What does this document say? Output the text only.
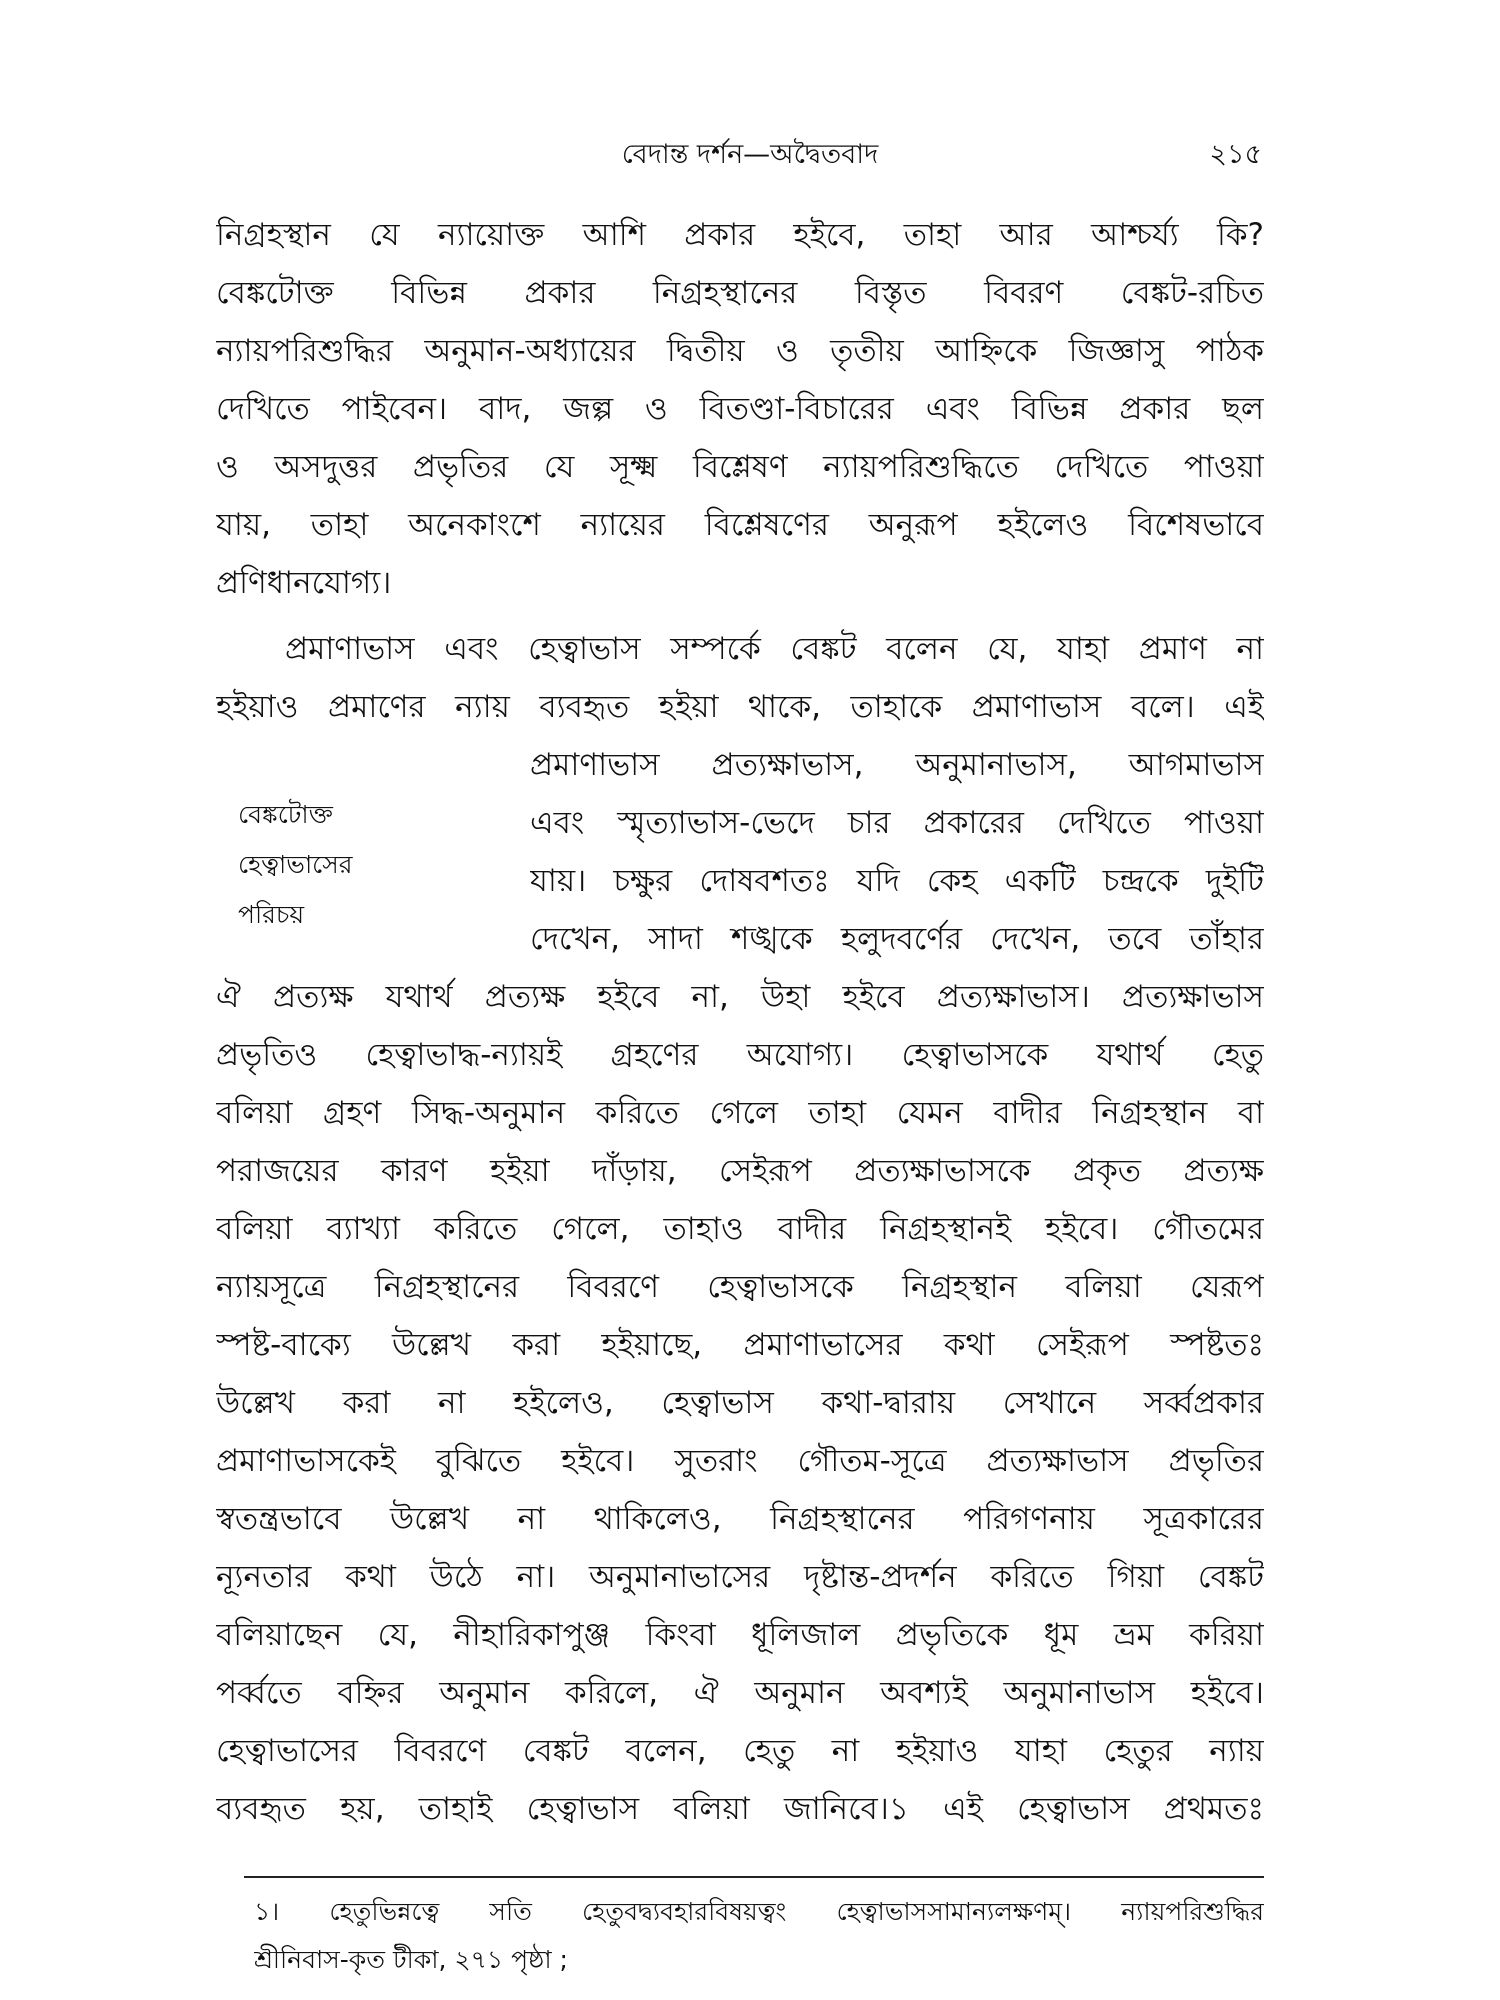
বেদান্ত দর্শন—অদ্বৈতবাদ	২১৫
নিগ্রহস্থান যে ন্যায়োক্ত আশি প্রকার হইবে, তাহা আর আশ্চর্য্য কি?
বেঙ্কটোক্ত বিভিন্ন প্রকার নিগ্রহস্থানের বিস্তৃত বিবরণ বেঙ্কট-রচিত
ন্যায়পরিশুদ্ধির অনুমান-অধ্যায়ের দ্বিতীয় ও তৃতীয় আহ্নিকে জিজ্ঞাসু পাঠক
দেখিতে পাইবেন। বাদ, জল্প ও বিতণ্ডা-বিচারের এবং বিভিন্ন প্রকার ছল
ও অসদুত্তর প্রভৃতির যে সূক্ষ্ম বিশ্লেষণ ন্যায়পরিশুদ্ধিতে দেখিতে পাওয়া
যায়, তাহা অনেকাংশে ন্যায়ের বিশ্লেষণের অনুরূপ হইলেও বিশেষভাবে
প্রণিধানযোগ্য।
প্রমাণাভাস এবং হেত্বাভাস সম্পর্কে বেঙ্কট বলেন যে, যাহা প্রমাণ না
হইয়াও প্রমাণের ন্যায় ব্যবহৃত হইয়া থাকে, তাহাকে প্রমাণাভাস বলে। এই
প্রমাণাভাস প্রত্যক্ষাভাস, অনুমানাভাস, আগমাভাস
এবং স্মৃত্যাভাস-ভেদে চার প্রকারের দেখিতে পাওয়া
যায়। চক্ষুর দোষবশতঃ যদি কেহ একটি চন্দ্রকে দুইটি
দেখেন, সাদা শঙ্খকে হলুদবর্ণের দেখেন, তবে তাঁহার
ঐ প্রত্যক্ষ যথার্থ প্রত্যক্ষ হইবে না, উহা হইবে প্রত্যক্ষাভাস। প্রত্যক্ষাভাস
প্রভৃতিও হেত্বাভাদ্ধ-ন্যায়ই গ্রহণের অযোগ্য। হেত্বাভাসকে যথার্থ হেতু
বলিয়া গ্রহণ সিদ্ধ-অনুমান করিতে গেলে তাহা যেমন বাদীর নিগ্রহস্থান বা
পরাজয়ের কারণ হইয়া দাঁড়ায়, সেইরূপ প্রত্যক্ষাভাসকে প্রকৃত প্রত্যক্ষ
বলিয়া ব্যাখ্যা করিতে গেলে, তাহাও বাদীর নিগ্রহস্থানই হইবে। গৌতমের
ন্যায়সূত্রে নিগ্রহস্থানের বিবরণে হেত্বাভাসকে নিগ্রহস্থান বলিয়া যেরূপ
স্পষ্ট-বাক্যে উল্লেখ করা হইয়াছে, প্রমাণাভাসের কথা সেইরূপ স্পষ্টতঃ
উল্লেখ করা না হইলেও, হেত্বাভাস কথা-দ্বারায় সেখানে সর্ব্বপ্রকার
প্রমাণাভাসকেই বুঝিতে হইবে। সুতরাং গৌতম-সূত্রে প্রত্যক্ষাভাস প্রভৃতির
স্বতন্ত্রভাবে উল্লেখ না থাকিলেও, নিগ্রহস্থানের পরিগণনায় সূত্রকারের
ন্যূনতার কথা উঠে না। অনুমানাভাসের দৃষ্টান্ত-প্রদর্শন করিতে গিয়া বেঙ্কট
বলিয়াছেন যে, নীহারিকাপুঞ্জ কিংবা ধূলিজাল প্রভৃতিকে ধূম ভ্রম করিয়া
পর্ব্বতে বহ্নির অনুমান করিলে, ঐ অনুমান অবশ্যই অনুমানাভাস হইবে।
হেত্বাভাসের বিবরণে বেঙ্কট বলেন, হেতু না হইয়াও যাহা হেতুর ন্যায়
ব্যবহৃত হয়, তাহাই হেত্বাভাস বলিয়া জানিবে।১ এই হেত্বাভাস প্রথমতঃ
বেঙ্কটোক্ত
হেত্বাভাসের
পরিচয়
১। হেতুভিন্নত্বে সতি হেতুবদ্ব্যবহারবিষয়ত্বং হেত্বাভাসসামান্যলক্ষণম্। ন্যায়পরিশুদ্ধির
শ্রীনিবাস-কৃত টীকা, ২৭১ পৃষ্ঠা ;
